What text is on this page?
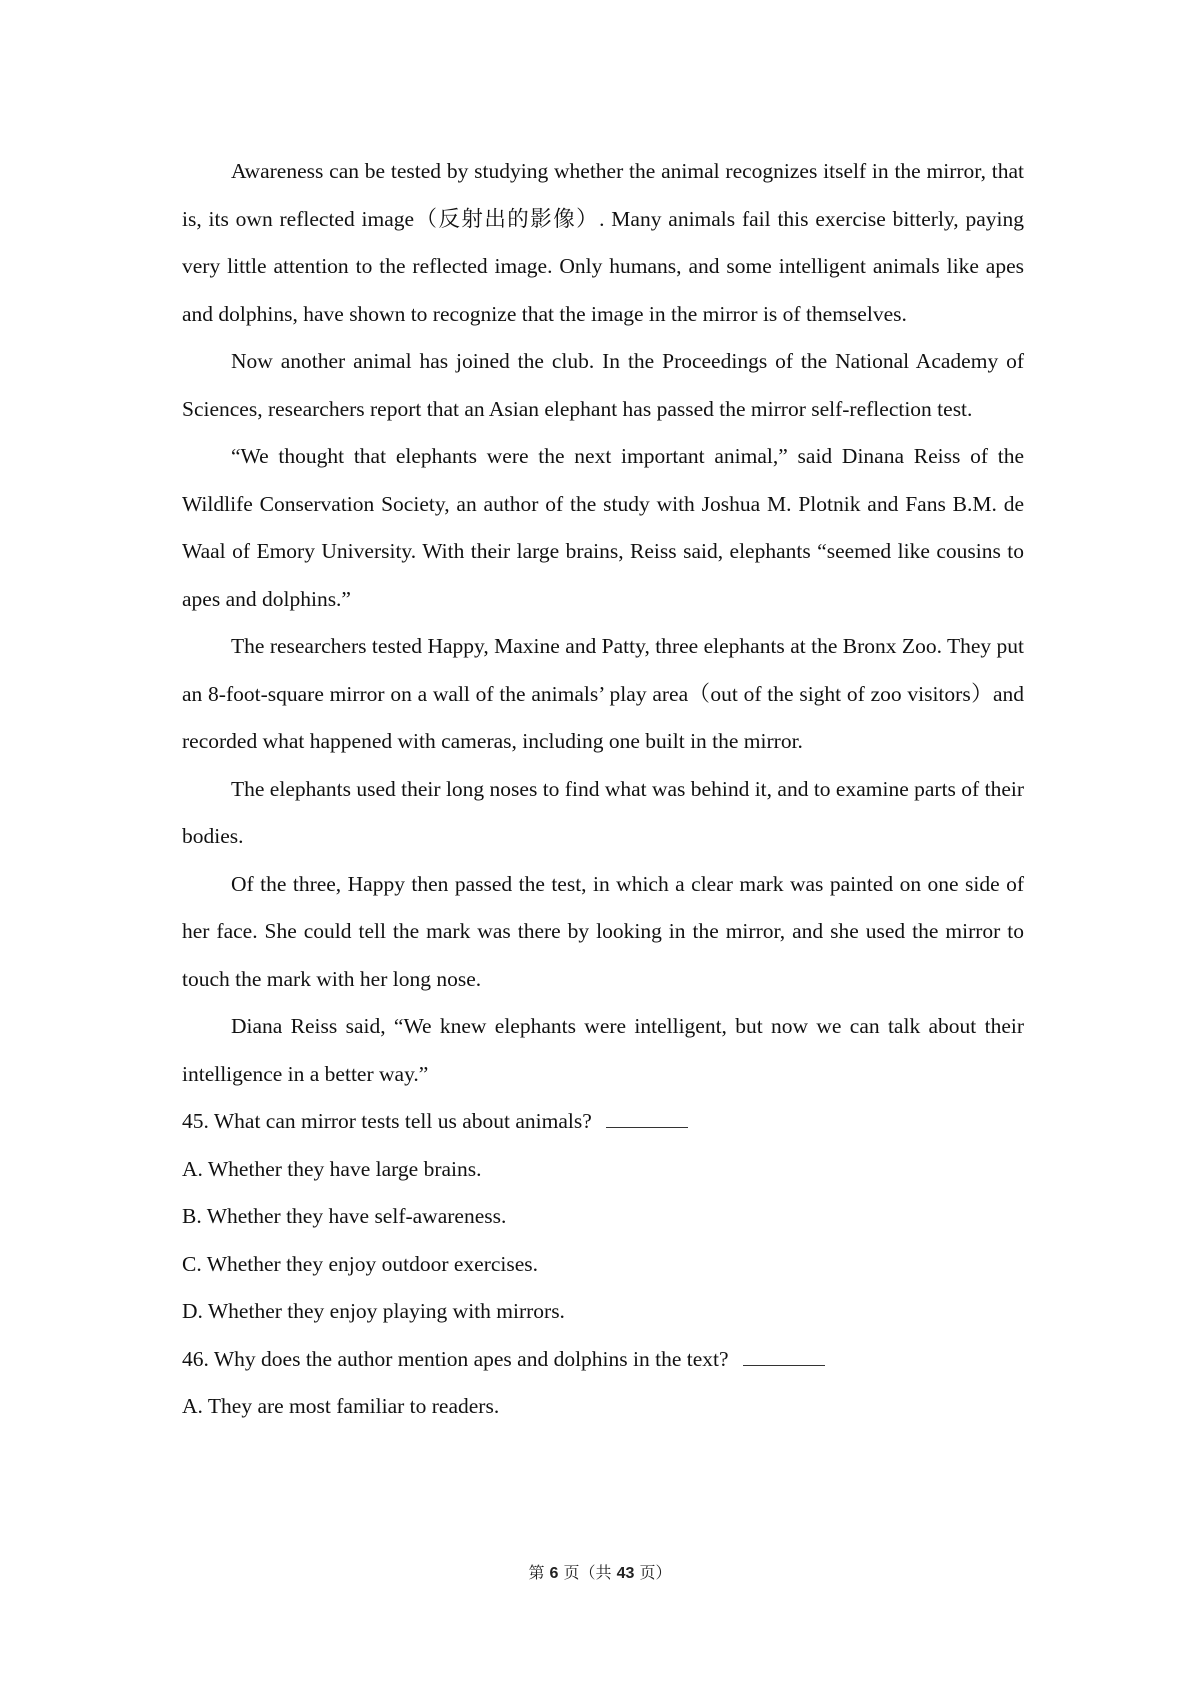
Awareness can be tested by studying whether the animal recognizes itself in the mirror, that is, its own reflected image（反射出的影像）. Many animals fail this exercise bitterly, paying very little attention to the reflected image. Only humans, and some intelligent animals like apes and dolphins, have shown to recognize that the image in the mirror is of themselves.

Now another animal has joined the club. In the Proceedings of the National Academy of Sciences, researchers report that an Asian elephant has passed the mirror self-reflection test.

“We thought that elephants were the next important animal,” said Dinana Reiss of the Wildlife Conservation Society, an author of the study with Joshua M. Plotnik and Fans B.M. de Waal of Emory University. With their large brains, Reiss said, elephants “seemed like cousins to apes and dolphins.”

The researchers tested Happy, Maxine and Patty, three elephants at the Bronx Zoo. They put an 8-foot-square mirror on a wall of the animals’ play area（out of the sight of zoo visitors）and recorded what happened with cameras, including one built in the mirror.

The elephants used their long noses to find what was behind it, and to examine parts of their bodies.

Of the three, Happy then passed the test, in which a clear mark was painted on one side of her face. She could tell the mark was there by looking in the mirror, and she used the mirror to touch the mark with her long nose.

Diana Reiss said, “We knew elephants were intelligent, but now we can talk about their intelligence in a better way.”

45. What can mirror tests tell us about animals?

A. Whether they have large brains.

B. Whether they have self-awareness.

C. Whether they enjoy outdoor exercises.

D. Whether they enjoy playing with mirrors.

46. Why does the author mention apes and dolphins in the text?

A. They are most familiar to readers.

第 6 页（共 43 页）
